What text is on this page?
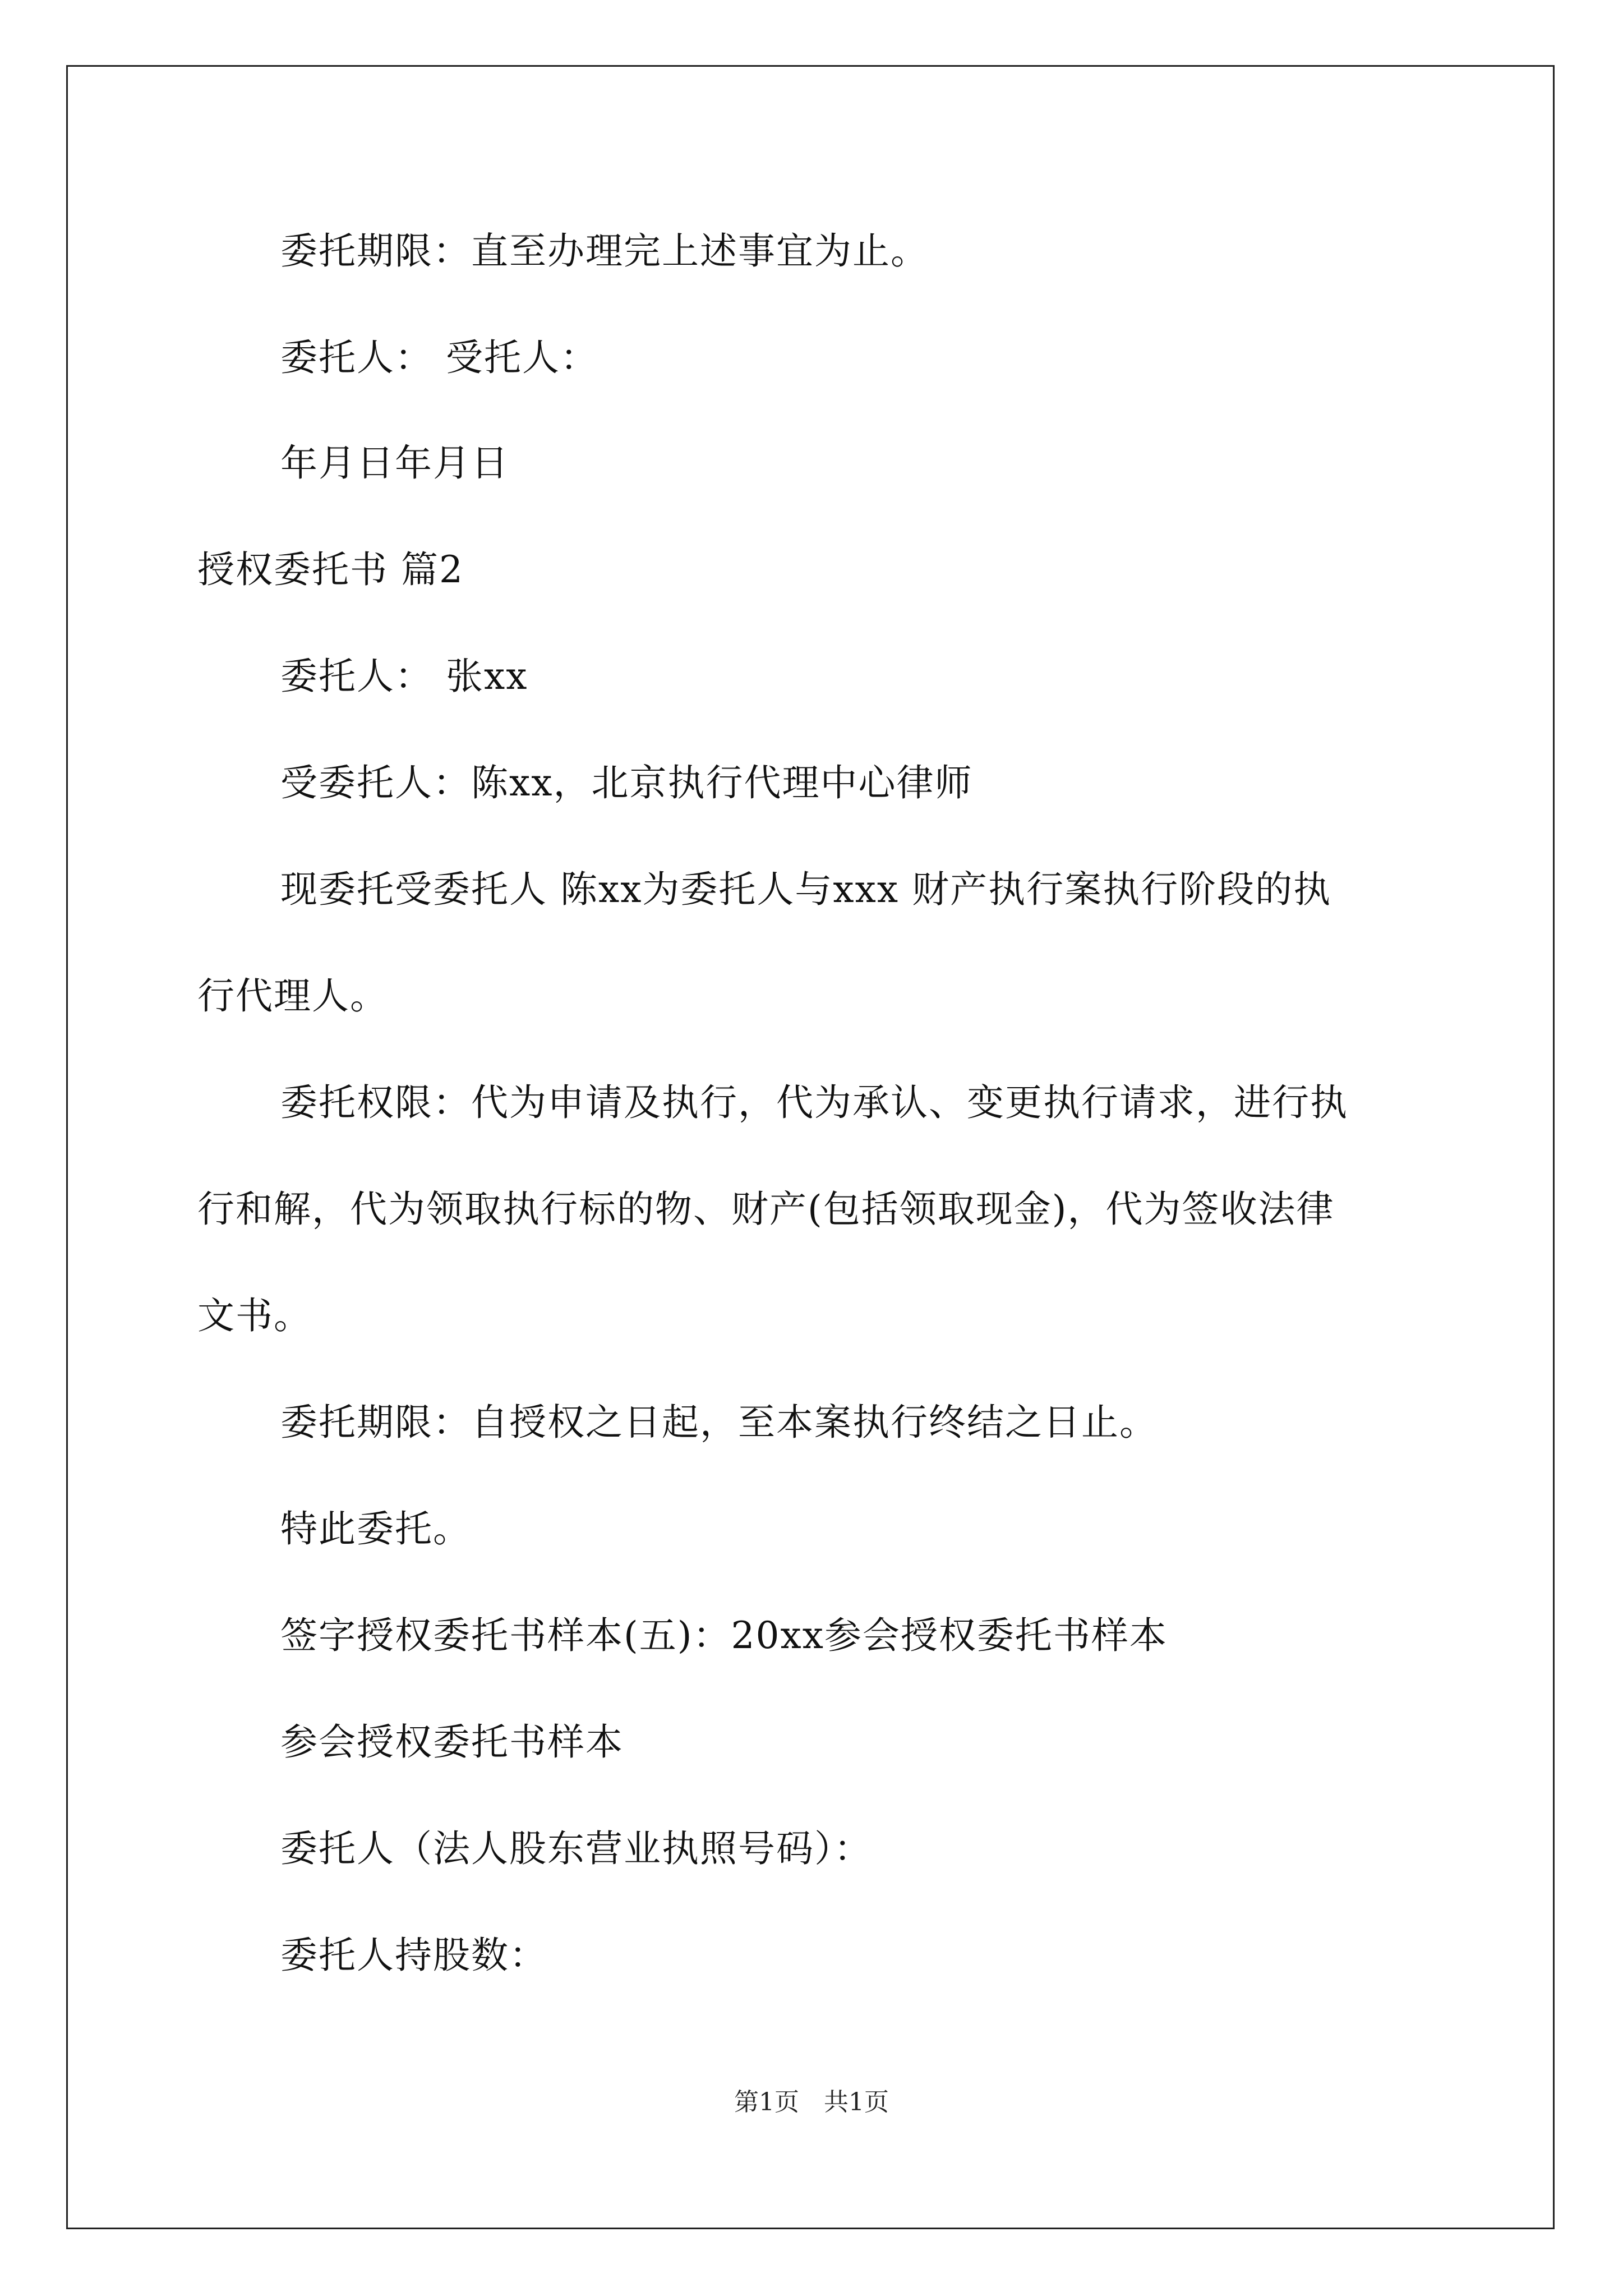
委托期限：直至办理完上述事宜为止。
委托人： 受托人：
年月日年月日
授权委托书 篇2
委托人： 张xx
受委托人：陈xx，北京执行代理中心律师
现委托受委托人 陈xx为委托人与xxx 财产执行案执行阶段的执
行代理人。
委托权限：代为申请及执行，代为承认、变更执行请求，进行执
行和解，代为领取执行标的物、财产(包括领取现金)，代为签收法律
文书。
委托期限：自授权之日起，至本案执行终结之日止。
特此委托。
签字授权委托书样本(五)：20xx参会授权委托书样本
参会授权委托书样本
委托人（法人股东营业执照号码）：
委托人持股数：
第1页　共1页
